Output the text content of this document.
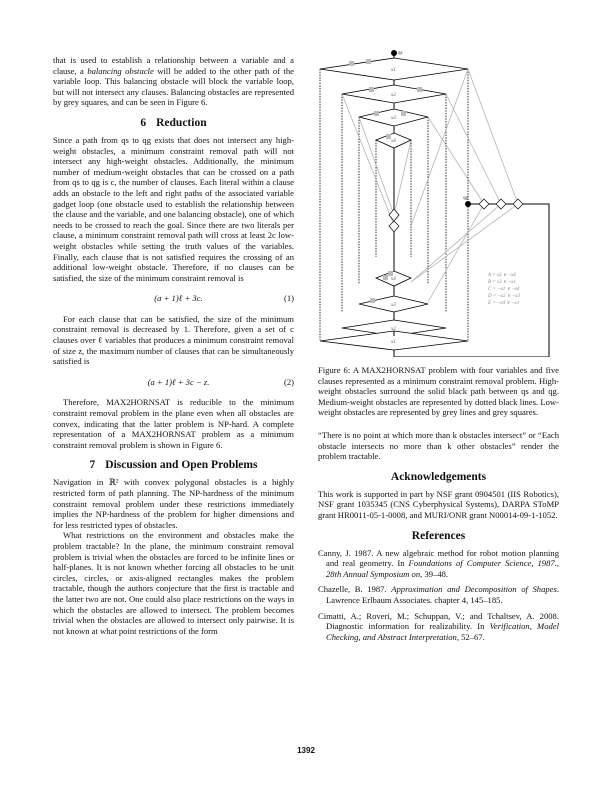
that is used to establish a relationship between a variable and a clause, a balancing obstacle will be added to the other path of the variable loop. This balancing obstacle will block the variable loop, but will not intersect any clauses. Balancing obstacles are represented by grey squares, and can be seen in Figure 6.

6 Reduction

Since a path from qs to qg exists that does not intersect any high-weight obstacles, a minimum constraint removal path will not intersect any high-weight obstacles. Additionally, the minimum number of medium-weight obstacles that can be crossed on a path from qs to qg is c, the number of clauses. Each literal within a clause adds an obstacle to the left and right paths of the associated variable gadget loop (one obstacle used to establish the relationship between the clause and the variable, and one balancing obstacle), one of which needs to be crossed to reach the goal. Since there are two literals per clause, a minimum constraint removal path will cross at least 2c low-weight obstacles while setting the truth values of the variables. Finally, each clause that is not satisfied requires the crossing of an additional low-weight obstacle. Therefore, if no clauses can be satisfied, the size of the minimum constraint removal is

(a + 1)ℓ + 3c.	(1)

For each clause that can be satisfied, the size of the minimum constraint removal is decreased by 1. Therefore, given a set of c clauses over ℓ variables that produces a minimum constraint removal of size z, the maximum number of clauses that can be simultaneously satisfied is

(a + 1)ℓ + 3c − z.	(2)

Therefore, MAX2HORNSAT is reducible to the minimum constraint removal problem in the plane even when all obstacles are convex, indicating that the latter problem is NP-hard. A complete representation of a MAX2HORNSAT problem as a minimum constraint removal problem is shown in Figure 6.

7 Discussion and Open Problems

Navigation in ℝ² with convex polygonal obstacles is a highly restricted form of path planning. The NP-hardness of the minimum constraint removal problem under these restrictions immediately implies the NP-hardness of the problem for higher dimensions and for less restricted types of obstacles.

What restrictions on the environment and obstacles make the problem tractable? In the plane, the minimum constraint removal problem is trivial when the obstacles are forced to be infinite lines or half-planes. It is not known whether forcing all obstacles to be unit circles, circles, or axis-aligned rectangles makes the problem tractable, though the authors conjecture that the first is tractable and the latter two are not. One could also place restrictions on the ways in which the obstacles are allowed to intersect. The problem becomes trivial when the obstacles are allowed to intersect only pairwise. It is not known at what point restrictions of the form

qs
qg
x1
x2
x3
x4
x4
x3
x2
x1
A = x3 ∨ ¬x4
B = x3 ∨ ¬x1
C = ¬x1 ∨ ¬x4
D = ¬x2 ∨ ¬x3
E = ¬x4 ∨ ¬x1

Figure 6: A MAX2HORNSAT problem with four variables and five clauses represented as a minimum constraint removal problem. High-weight obstacles surround the solid black path between qs and qg. Medium-weight obstacles are represented by dotted black lines. Low-weight obstacles are represented by grey lines and grey squares.

“There is no point at which more than k obstacles intersect” or “Each obstacle intersects no more than k other obstacles” render the problem tractable.

Acknowledgements

This work is supported in part by NSF grant 0904501 (IIS Robotics), NSF grant 1035345 (CNS Cyberphysical Systems), DARPA SToMP grant HR0011-05-1-0008, and MURI/ONR grant N00014-09-1-1052.

References

Canny, J. 1987. A new algebraic method for robot motion planning and real geometry. In Foundations of Computer Science, 1987., 28th Annual Symposium on, 39–48.

Chazelle, B. 1987. Approximation and Decomposition of Shapes. Lawrence Erlbaum Associates. chapter 4, 145–185.

Cimatti, A.; Roveri, M.; Schuppan, V.; and Tchaltsev, A. 2008. Diagnostic information for realizability. In Verification, Model Checking, and Abstract Interpretation, 52–67.

1392
